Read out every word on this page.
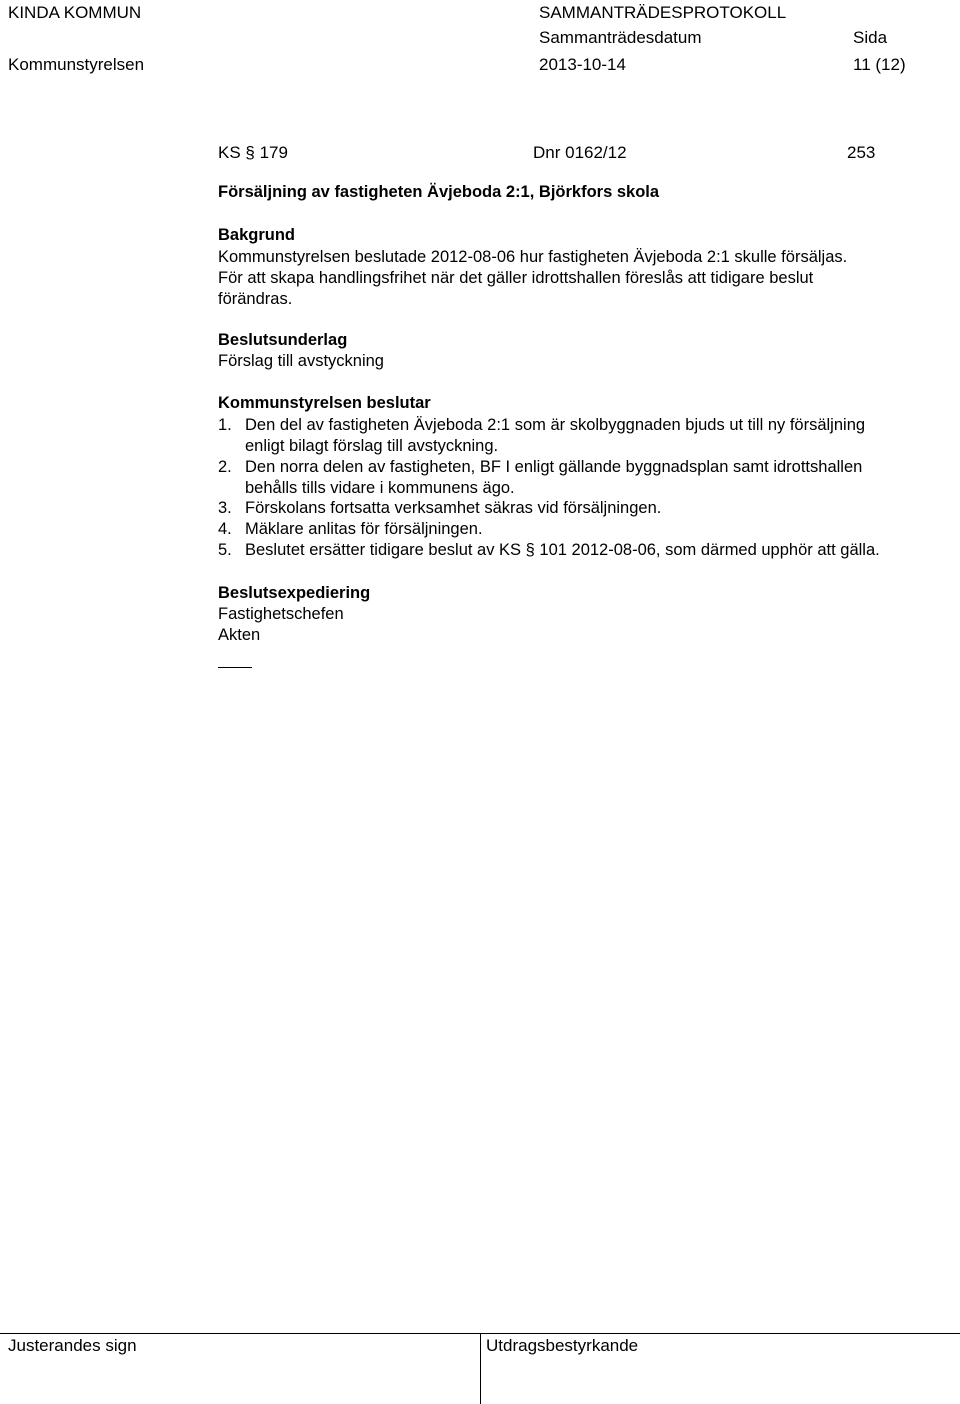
KINDA KOMMUN	SAMMANTRÄDESPROTOKOLL
Sammanträdesdatum	Sida
Kommunstyrelsen	2013-10-14	11 (12)
KS § 179	Dnr 0162/12	253
Försäljning av fastigheten Ävjeboda 2:1, Björkfors skola
Bakgrund
Kommunstyrelsen beslutade 2012-08-06 hur fastigheten Ävjeboda 2:1 skulle försäljas.
För att skapa handlingsfrihet när det gäller idrottshallen föreslås att tidigare beslut
förändras.
Beslutsunderlag
Förslag till avstyckning
Kommunstyrelsen beslutar
1. Den del av fastigheten Ävjeboda 2:1 som är skolbyggnaden bjuds ut till ny försäljning
enligt bilagt förslag till avstyckning.
2. Den norra delen av fastigheten, BF I enligt gällande byggnadsplan samt idrottshallen
behålls tills vidare i kommunens ägo.
3. Förskolans fortsatta verksamhet säkras vid försäljningen.
4. Mäklare anlitas för försäljningen.
5. Beslutet ersätter tidigare beslut av KS § 101 2012-08-06, som därmed upphör att gälla.
Beslutsexpediering
Fastighetschefen
Akten
Justerandes sign	Utdragsbestyrkande
